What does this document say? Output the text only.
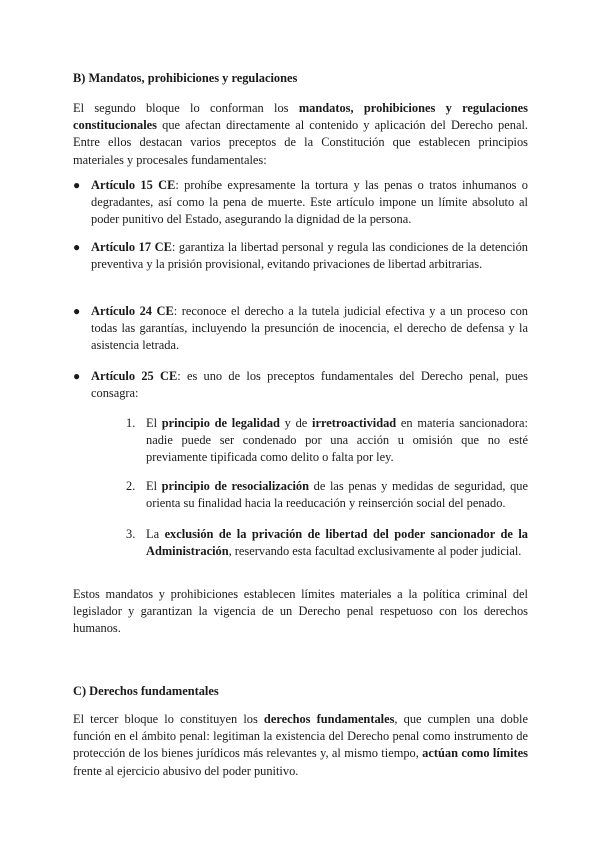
B) Mandatos, prohibiciones y regulaciones
El segundo bloque lo conforman los mandatos, prohibiciones y regulaciones constitucionales que afectan directamente al contenido y aplicación del Derecho penal. Entre ellos destacan varios preceptos de la Constitución que establecen principios materiales y procesales fundamentales:
● Artículo 15 CE: prohíbe expresamente la tortura y las penas o tratos inhumanos o degradantes, así como la pena de muerte. Este artículo impone un límite absoluto al poder punitivo del Estado, asegurando la dignidad de la persona.
● Artículo 17 CE: garantiza la libertad personal y regula las condiciones de la detención preventiva y la prisión provisional, evitando privaciones de libertad arbitrarias.
● Artículo 24 CE: reconoce el derecho a la tutela judicial efectiva y a un proceso con todas las garantías, incluyendo la presunción de inocencia, el derecho de defensa y la asistencia letrada.
● Artículo 25 CE: es uno de los preceptos fundamentales del Derecho penal, pues consagra:
1. El principio de legalidad y de irretroactividad en materia sancionadora: nadie puede ser condenado por una acción u omisión que no esté previamente tipificada como delito o falta por ley.
2. El principio de resocialización de las penas y medidas de seguridad, que orienta su finalidad hacia la reeducación y reinserción social del penado.
3. La exclusión de la privación de libertad del poder sancionador de la Administración, reservando esta facultad exclusivamente al poder judicial.
Estos mandatos y prohibiciones establecen límites materiales a la política criminal del legislador y garantizan la vigencia de un Derecho penal respetuoso con los derechos humanos.
C) Derechos fundamentales
El tercer bloque lo constituyen los derechos fundamentales, que cumplen una doble función en el ámbito penal: legitiman la existencia del Derecho penal como instrumento de protección de los bienes jurídicos más relevantes y, al mismo tiempo, actúan como límites frente al ejercicio abusivo del poder punitivo.
